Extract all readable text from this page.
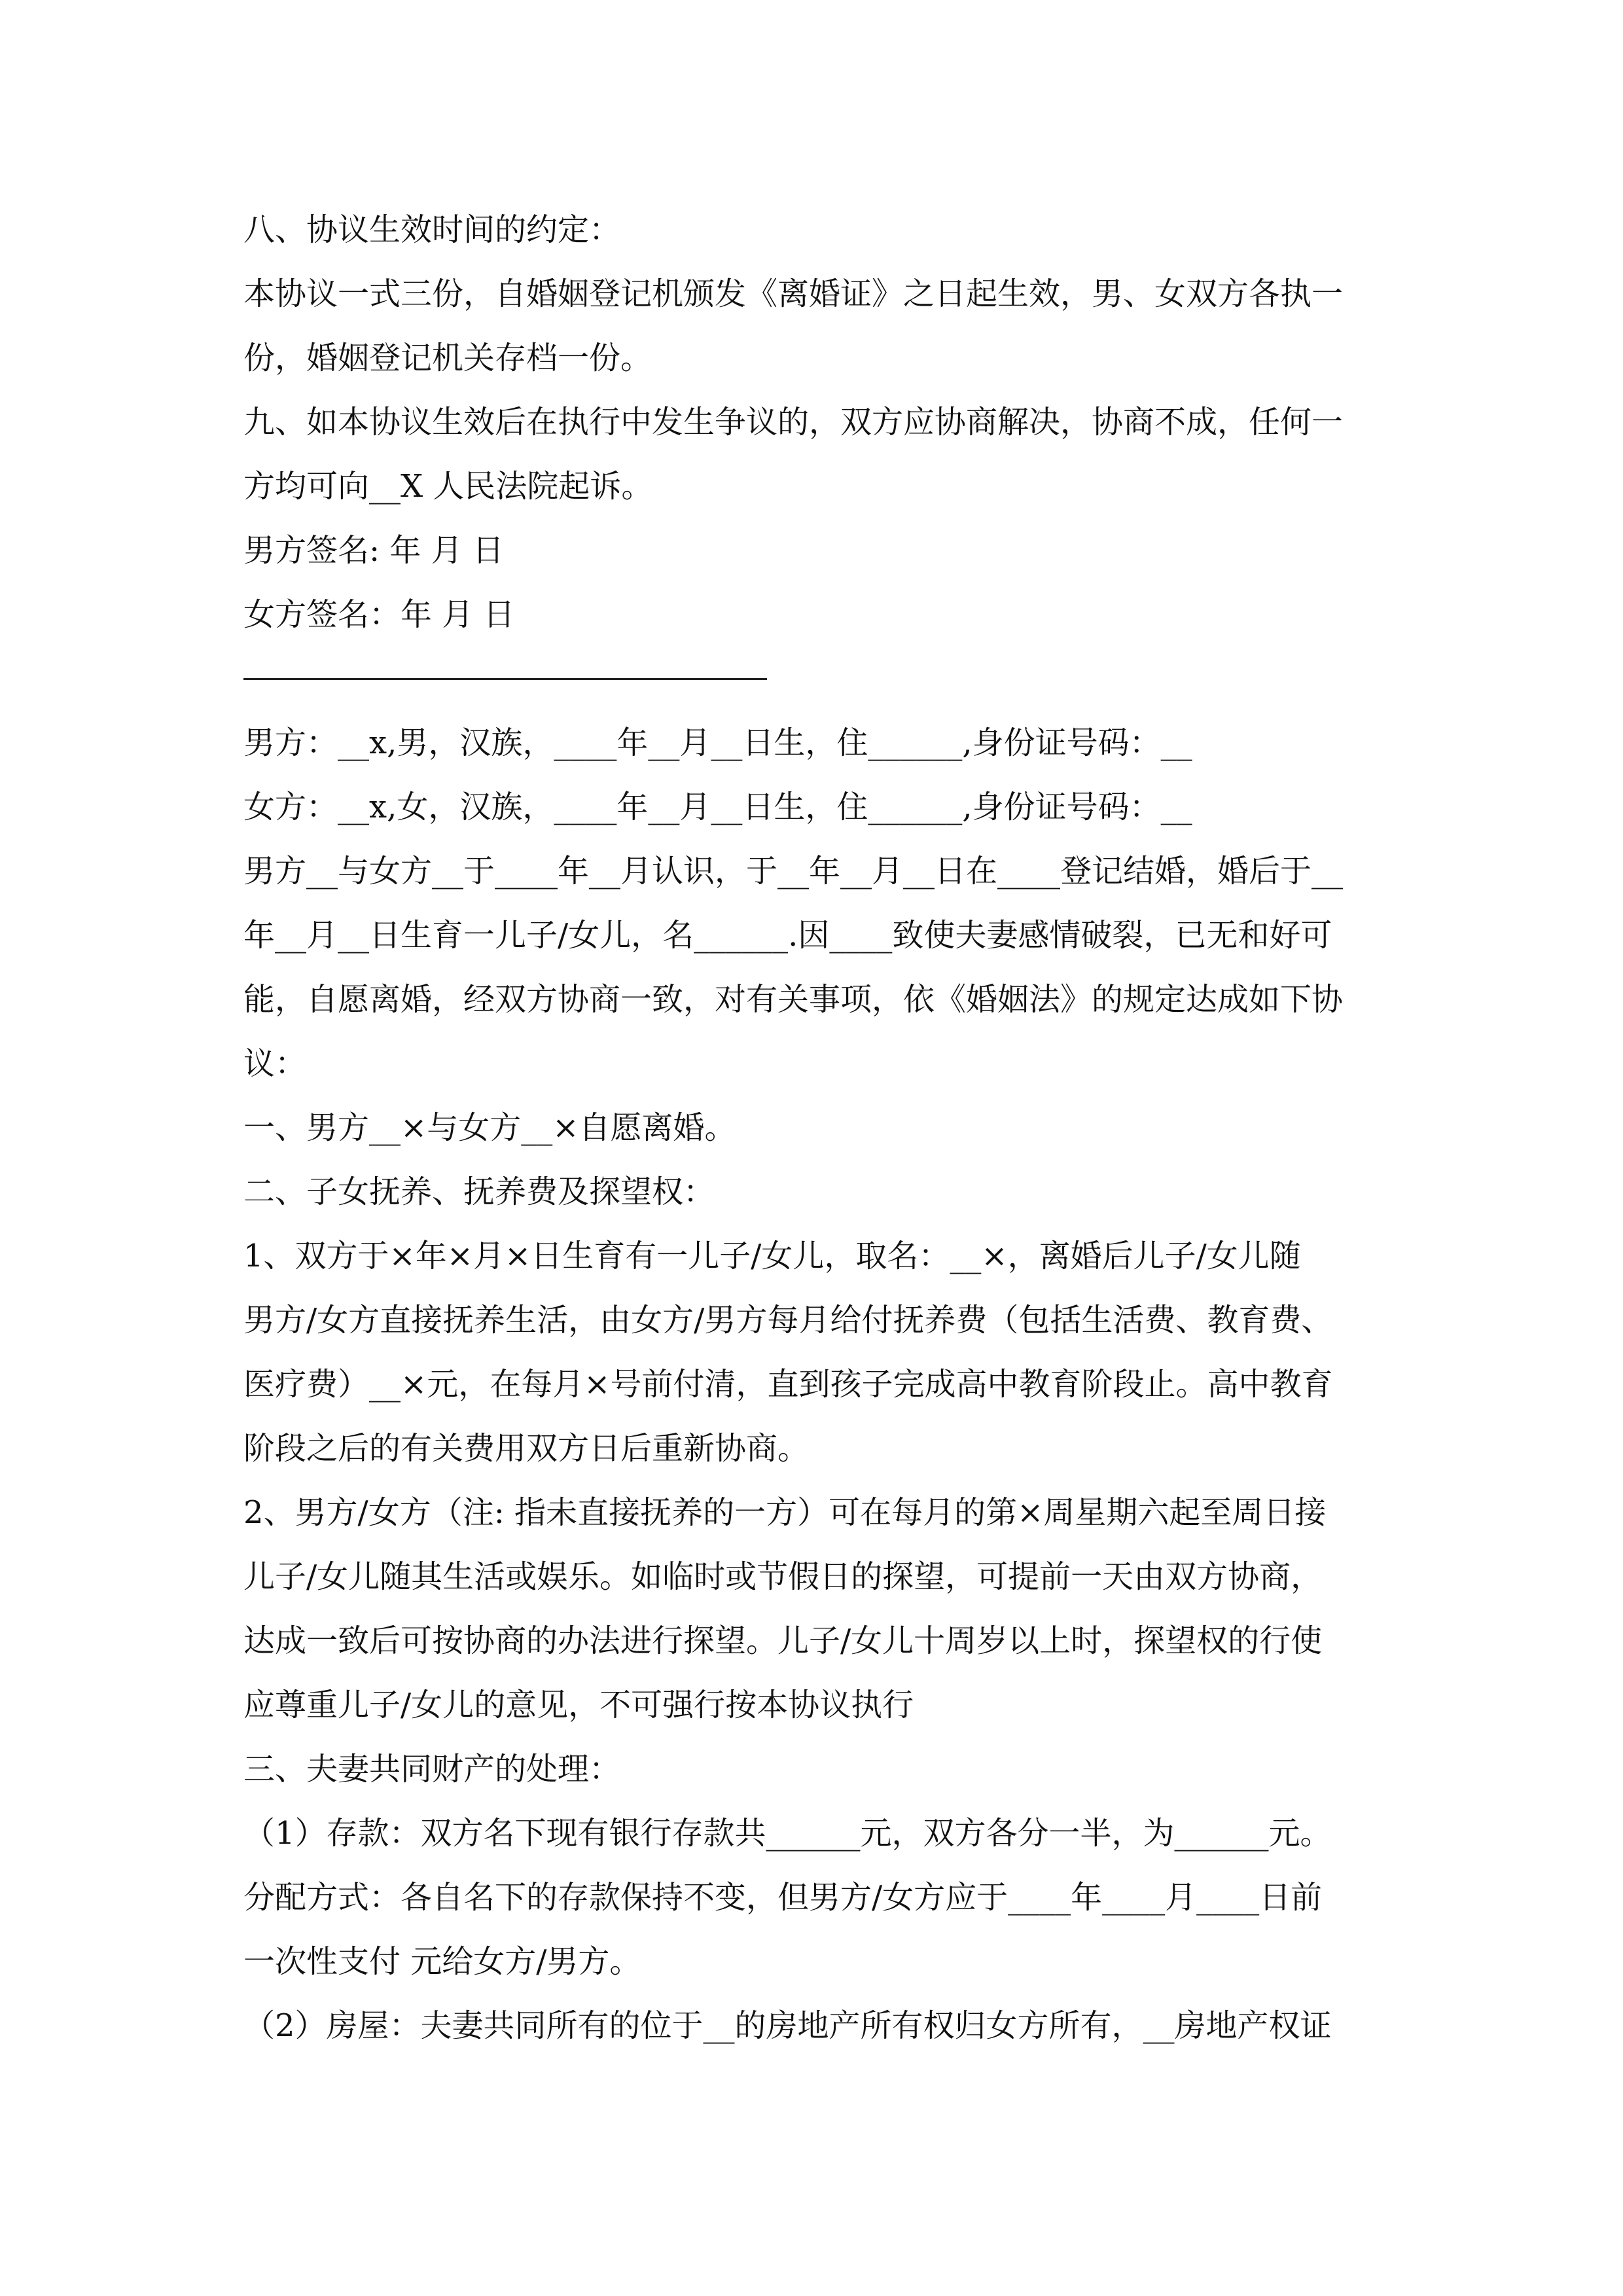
八、协议生效时间的约定：
本协议一式三份，自婚姻登记机颁发《离婚证》之日起生效，男、女双方各执一
份，婚姻登记机关存档一份。
九、如本协议生效后在执行中发生争议的，双方应协商解决，协商不成，任何一
方均可向__X 人民法院起诉。
男方签名: 年 月 日
女方签名：年 月 日
男方：__x,男，汉族，____年__月__日生，住______,身份证号码：__
女方：__x,女，汉族，____年__月__日生，住______,身份证号码：__
男方__与女方__于____年__月认识，于__年__月__日在____登记结婚，婚后于__
年__月__日生育一儿子/女儿，名______.因____致使夫妻感情破裂，已无和好可
能，自愿离婚，经双方协商一致，对有关事项，依《婚姻法》的规定达成如下协
议：
一、男方__×与女方__×自愿离婚。
二、子女抚养、抚养费及探望权：
1、双方于×年×月×日生育有一儿子/女儿，取名：__×，离婚后儿子/女儿随
男方/女方直接抚养生活，由女方/男方每月给付抚养费（包括生活费、教育费、
医疗费）__×元，在每月×号前付清，直到孩子完成高中教育阶段止。高中教育
阶段之后的有关费用双方日后重新协商。
2、男方/女方（注: 指未直接抚养的一方）可在每月的第×周星期六起至周日接
儿子/女儿随其生活或娱乐。如临时或节假日的探望，可提前一天由双方协商，
达成一致后可按协商的办法进行探望。儿子/女儿十周岁以上时，探望权的行使
应尊重儿子/女儿的意见，不可强行按本协议执行
三、夫妻共同财产的处理：
（1）存款：双方名下现有银行存款共______元，双方各分一半，为______元。
分配方式：各自名下的存款保持不变，但男方/女方应于____年____月____日前
一次性支付 元给女方/男方。
（2）房屋：夫妻共同所有的位于__的房地产所有权归女方所有，__房地产权证
